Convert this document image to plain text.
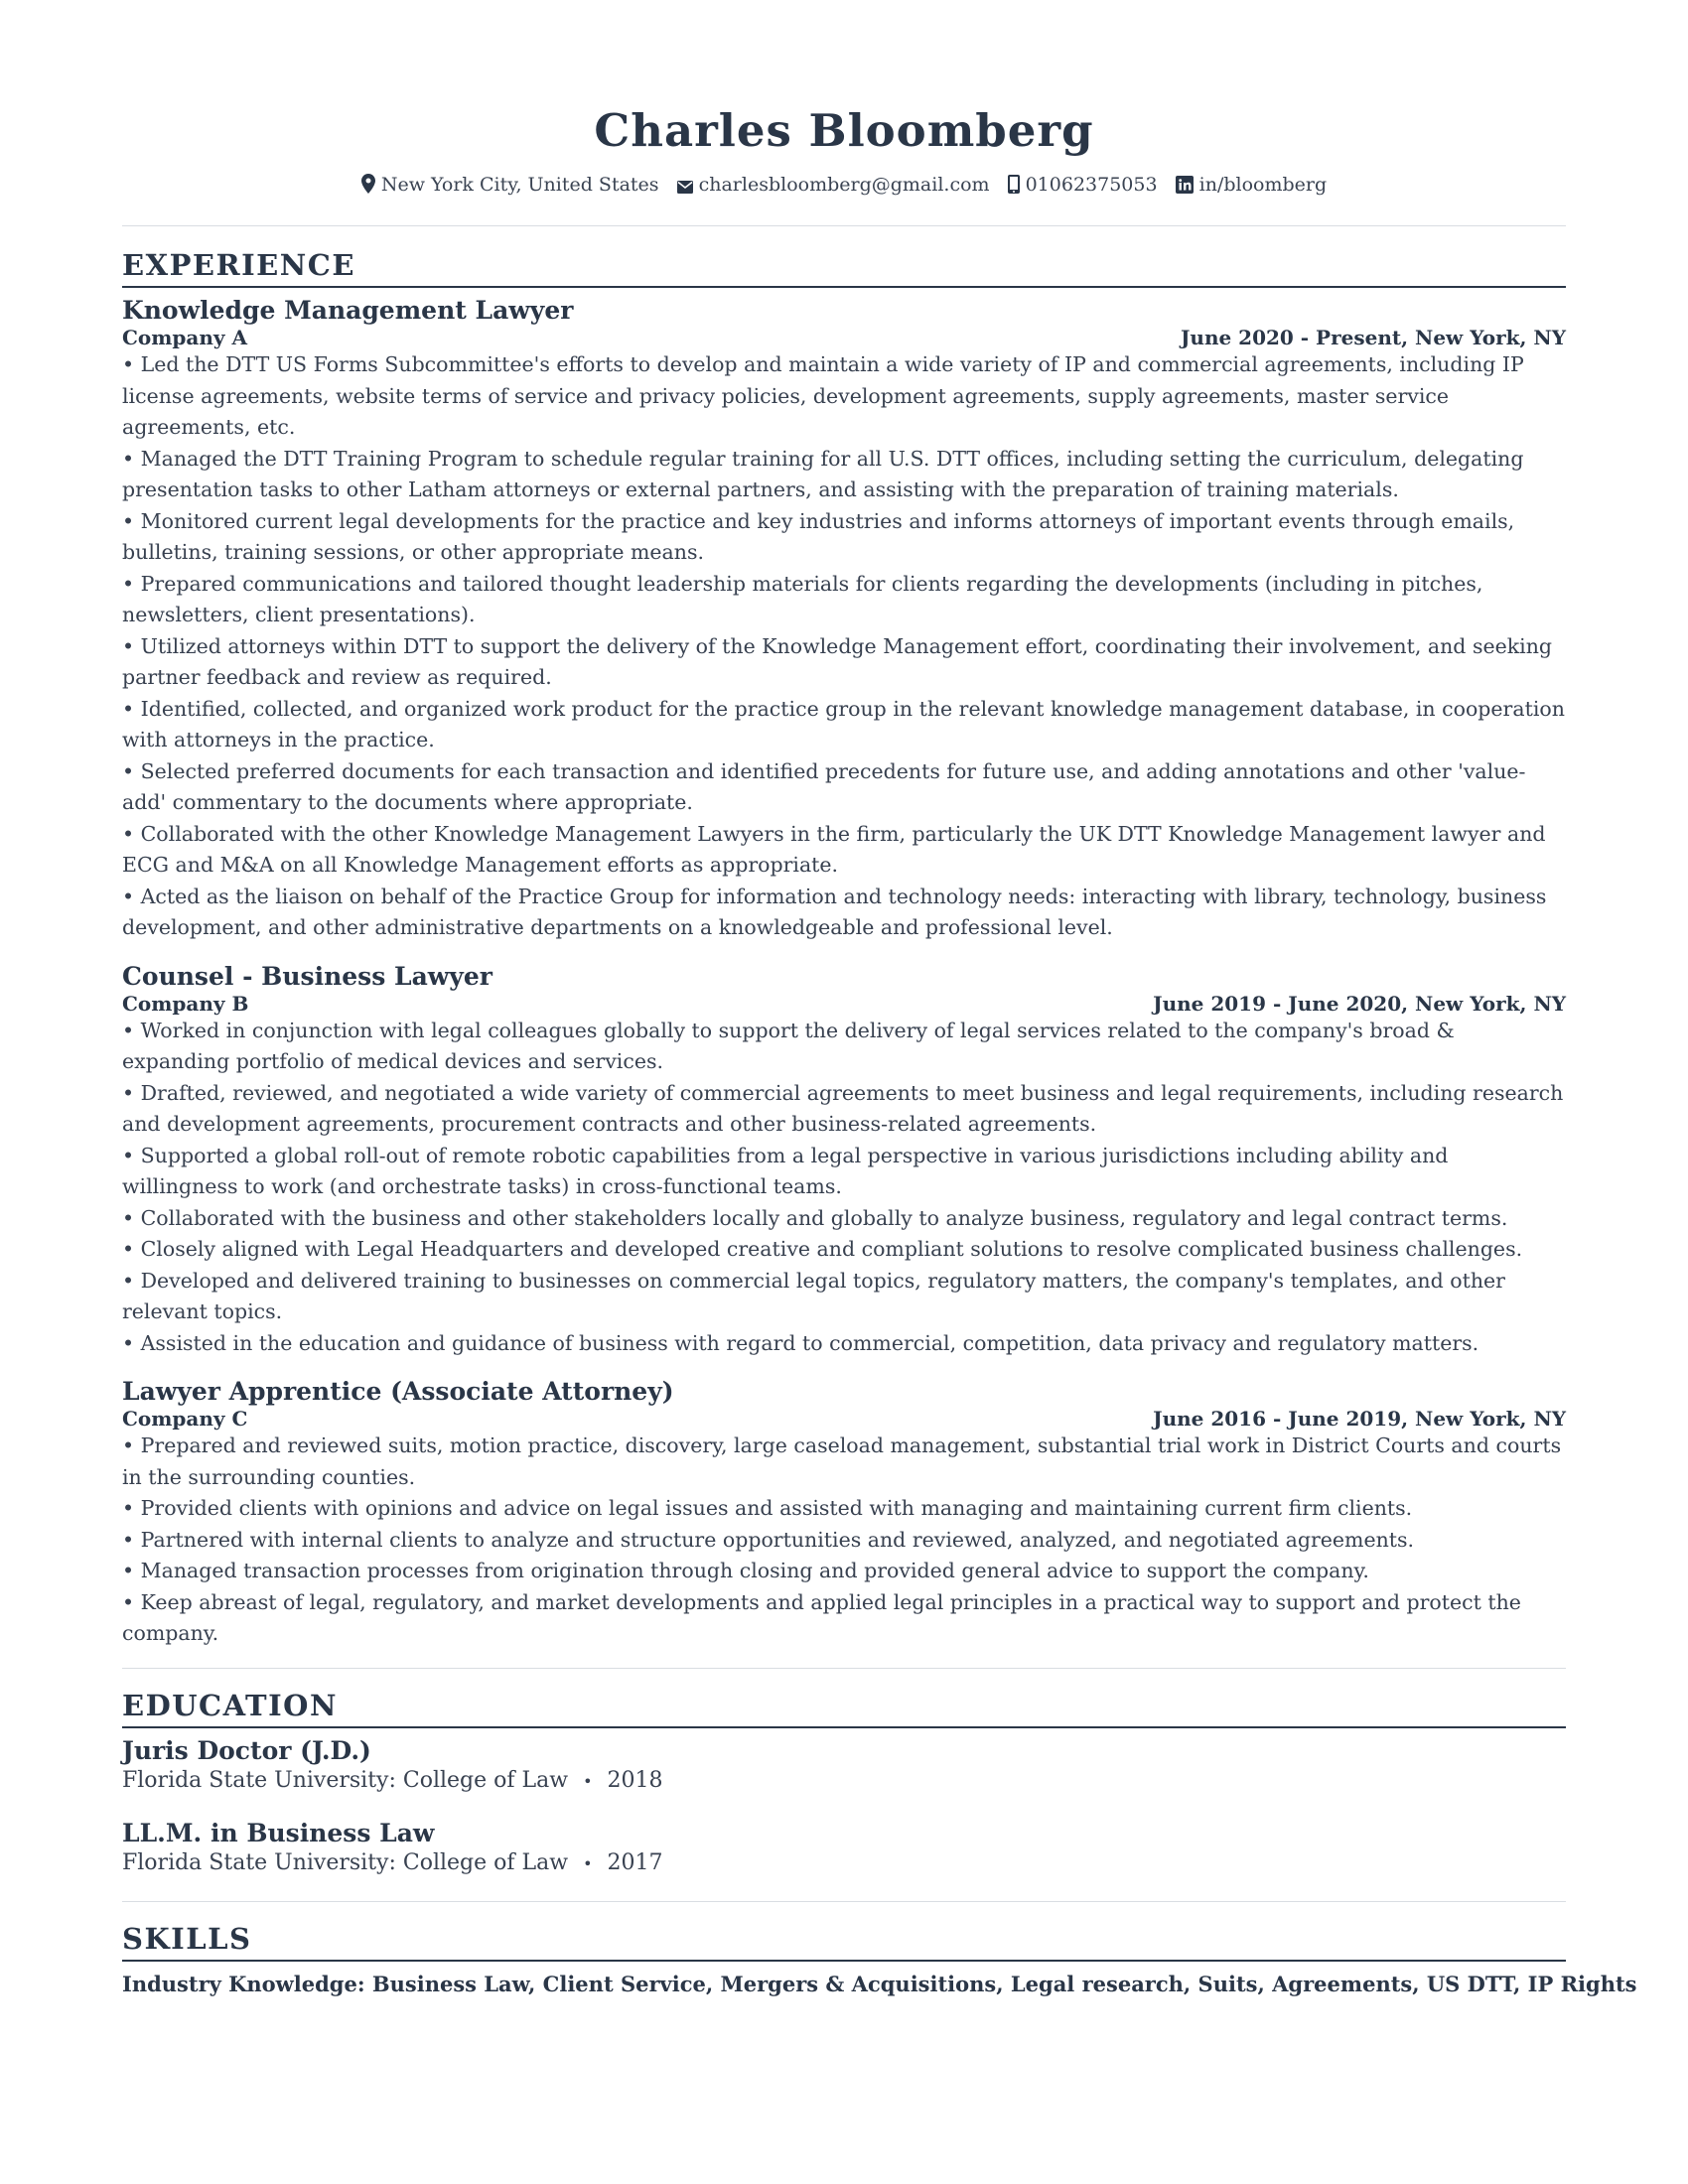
Charles Bloomberg
New York City, United States charlesbloomberg@gmail.com 01062375053 in/bloomberg
EXPERIENCE
Knowledge Management Lawyer
Company A	June 2020 - Present, New York, NY

• Led the DTT US Forms Subcommittee's efforts to develop and maintain a wide variety of IP and commercial agreements, including IP license agreements, website terms of service and privacy policies, development agreements, supply agreements, master service agreements, etc.

• Managed the DTT Training Program to schedule regular training for all U.S. DTT offices, including setting the curriculum, delegating presentation tasks to other Latham attorneys or external partners, and assisting with the preparation of training materials.

• Monitored current legal developments for the practice and key industries and informs attorneys of important events through emails, bulletins, training sessions, or other appropriate means.

• Prepared communications and tailored thought leadership materials for clients regarding the developments (including in pitches, newsletters, client presentations).

• Utilized attorneys within DTT to support the delivery of the Knowledge Management effort, coordinating their involvement, and seeking partner feedback and review as required.

• Identified, collected, and organized work product for the practice group in the relevant knowledge management database, in cooperation with attorneys in the practice.

• Selected preferred documents for each transaction and identified precedents for future use, and adding annotations and other 'value-add' commentary to the documents where appropriate.

• Collaborated with the other Knowledge Management Lawyers in the firm, particularly the UK DTT Knowledge Management lawyer and ECG and M&A on all Knowledge Management efforts as appropriate.

• Acted as the liaison on behalf of the Practice Group for information and technology needs: interacting with library, technology, business development, and other administrative departments on a knowledgeable and professional level.

Counsel - Business Lawyer
Company B	June 2019 - June 2020, New York, NY

• Worked in conjunction with legal colleagues globally to support the delivery of legal services related to the company's broad & expanding portfolio of medical devices and services.

• Drafted, reviewed, and negotiated a wide variety of commercial agreements to meet business and legal requirements, including research and development agreements, procurement contracts and other business-related agreements.

• Supported a global roll-out of remote robotic capabilities from a legal perspective in various jurisdictions including ability and willingness to work (and orchestrate tasks) in cross-functional teams.

• Collaborated with the business and other stakeholders locally and globally to analyze business, regulatory and legal contract terms.

• Closely aligned with Legal Headquarters and developed creative and compliant solutions to resolve complicated business challenges.

• Developed and delivered training to businesses on commercial legal topics, regulatory matters, the company's templates, and other relevant topics.

• Assisted in the education and guidance of business with regard to commercial, competition, data privacy and regulatory matters.

Lawyer Apprentice (Associate Attorney)
Company C	June 2016 - June 2019, New York, NY

• Prepared and reviewed suits, motion practice, discovery, large caseload management, substantial trial work in District Courts and courts in the surrounding counties.

• Provided clients with opinions and advice on legal issues and assisted with managing and maintaining current firm clients.

• Partnered with internal clients to analyze and structure opportunities and reviewed, analyzed, and negotiated agreements.

• Managed transaction processes from origination through closing and provided general advice to support the company.

• Keep abreast of legal, regulatory, and market developments and applied legal principles in a practical way to support and protect the company.

EDUCATION
Juris Doctor (J.D.)
Florida State University: College of Law • 2018
LL.M. in Business Law
Florida State University: College of Law • 2017
SKILLS
Industry Knowledge: Business Law, Client Service, Mergers & Acquisitions, Legal research, Suits, Agreements, US DTT, IP Rights
